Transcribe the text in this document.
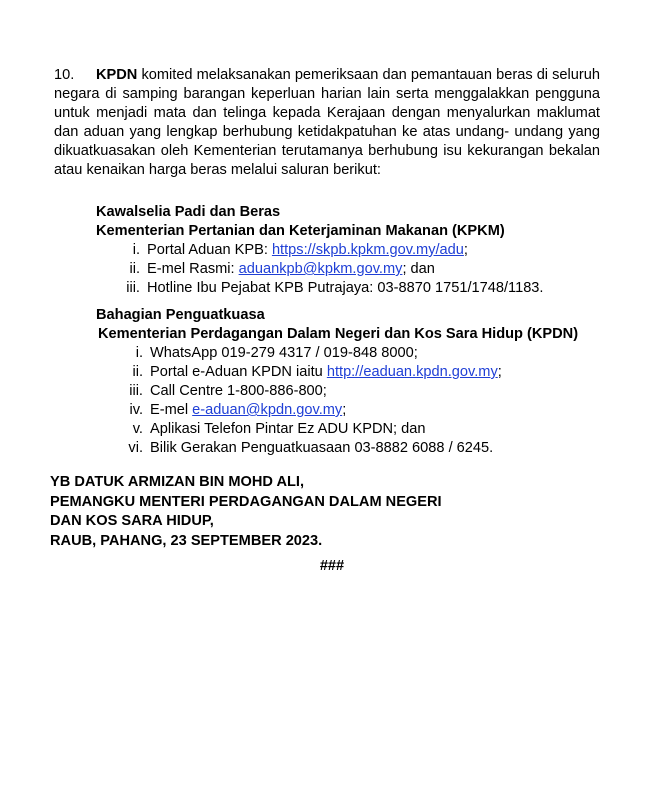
10. KPDN komited melaksanakan pemeriksaan dan pemantauan beras di seluruh negara di samping barangan keperluan harian lain serta menggalakkan pengguna untuk menjadi mata dan telinga kepada Kerajaan dengan menyalurkan maklumat dan aduan yang lengkap berhubung ketidakpatuhan ke atas undang- undang yang dikuatkuasakan oleh Kementerian terutamanya berhubung isu kekurangan bekalan atau kenaikan harga beras melalui saluran berikut:
Kawalselia Padi dan Beras
Kementerian Pertanian dan Keterjaminan Makanan (KPKM)
i. Portal Aduan KPB: https://skpb.kpkm.gov.my/adu;
ii. E-mel Rasmi: aduankpb@kpkm.gov.my; dan
iii. Hotline Ibu Pejabat KPB Putrajaya: 03-8870 1751/1748/1183.
Bahagian Penguatkuasa
Kementerian Perdagangan Dalam Negeri dan Kos Sara Hidup (KPDN)
i. WhatsApp 019-279 4317 / 019-848 8000;
ii. Portal e-Aduan KPDN iaitu http://eaduan.kpdn.gov.my;
iii. Call Centre 1-800-886-800;
iv. E-mel e-aduan@kpdn.gov.my;
v. Aplikasi Telefon Pintar Ez ADU KPDN; dan
vi. Bilik Gerakan Penguatkuasaan 03-8882 6088 / 6245.
YB DATUK ARMIZAN BIN MOHD ALI,
PEMANGKU MENTERI PERDAGANGAN DALAM NEGERI
DAN KOS SARA HIDUP,
RAUB, PAHANG, 23 SEPTEMBER 2023.
###
